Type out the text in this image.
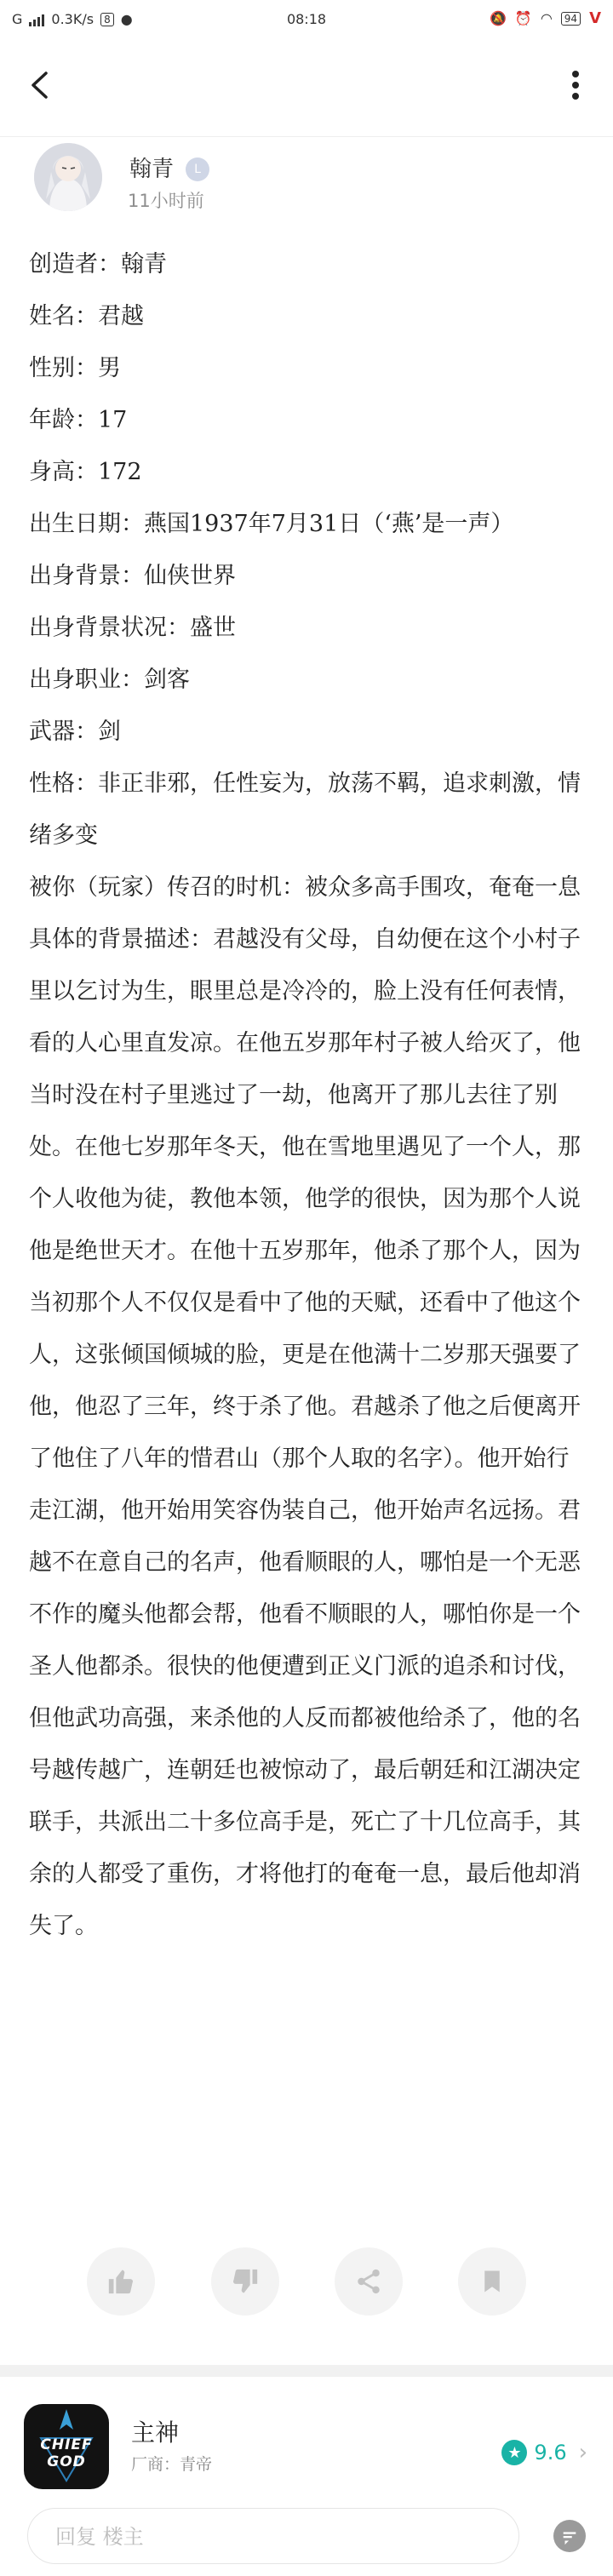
G 0.3K/s	8 ●	08:18	🔕 ⏰ ◠	94 ᐯ
翰青	L
11小时前

创造者：翰青

姓名：君越

性别：男

年龄：17

身高：172

出生日期：燕国1937年7月31日（‘燕’是一声）

出身背景：仙侠世界

出身背景状况：盛世

出身职业：剑客

武器：剑

性格：非正非邪，任性妄为，放荡不羁，追求刺激，情绪多变

被你（玩家）传召的时机：被众多高手围攻，奄奄一息

具体的背景描述：君越没有父母，自幼便在这个小村子里以乞讨为生，眼里总是冷冷的，脸上没有任何表情，看的人心里直发凉。在他五岁那年村子被人给灭了，他当时没在村子里逃过了一劫，他离开了那儿去往了别处。在他七岁那年冬天，他在雪地里遇见了一个人，那个人收他为徒，教他本领，他学的很快，因为那个人说他是绝世天才。在他十五岁那年，他杀了那个人，因为当初那个人不仅仅是看中了他的天赋，还看中了他这个人，这张倾国倾城的脸，更是在他满十二岁那天强要了他，他忍了三年，终于杀了他。君越杀了他之后便离开了他住了八年的惜君山（那个人取的名字）。他开始行走江湖，他开始用笑容伪装自己，他开始声名远扬。君越不在意自己的名声，他看顺眼的人，哪怕是一个无恶不作的魔头他都会帮，他看不顺眼的人，哪怕你是一个圣人他都杀。很快的他便遭到正义门派的追杀和讨伐，但他武功高强，来杀他的人反而都被他给杀了，他的名号越传越广，连朝廷也被惊动了，最后朝廷和江湖决定联手，共派出二十多位高手是，死亡了十几位高手，其余的人都受了重伤，才将他打的奄奄一息，最后他却消失了。

CHIEF
GOD
主神
厂商：青帝
★ 9.6 ›
回复 楼主
